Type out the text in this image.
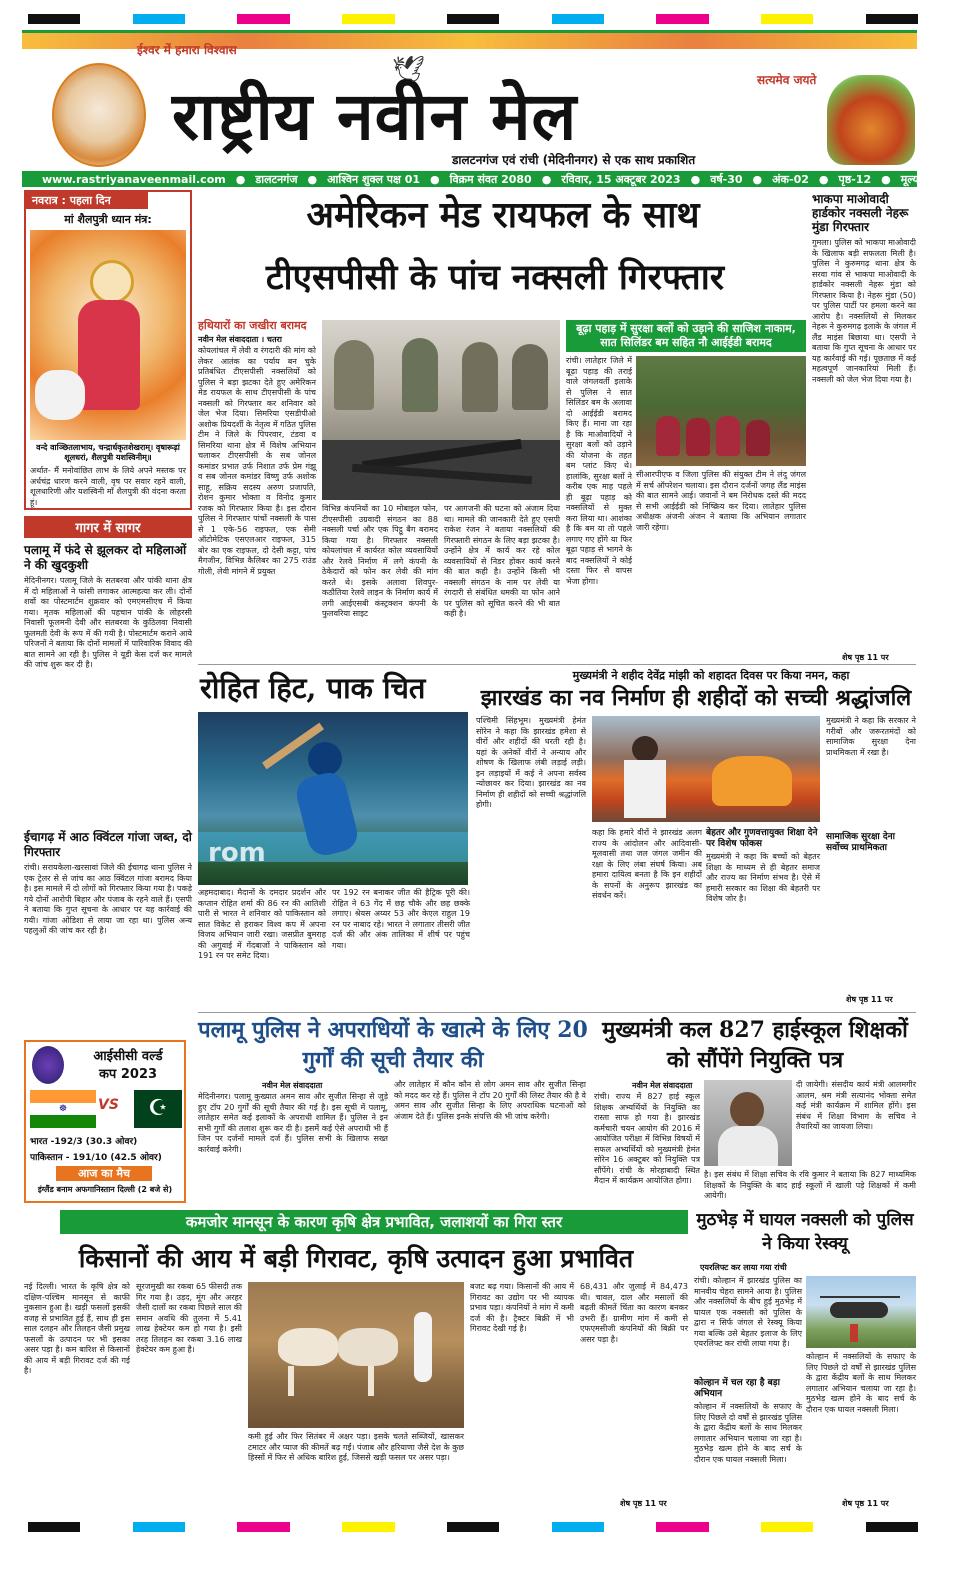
ईश्वर में हमारा विश्वास
राष्ट्रीय नवीन मेल	सत्यमेव जयते
डालटनगंज एवं रांची (मेदिनीनगर) से एक साथ प्रकाशित
🕊
www.rastriyanaveenmail.com ● डालटनगंज ● आश्विन शुक्ल पक्ष 01 ● विक्रम संवत 2080 ● रविवार, 15 अक्टूबर 2023 ● वर्ष-30 ● अंक-02 ● पृष्ठ-12 ● मूल्य ₹ 2.00
नवरात्र : पहला दिन
मां शैलपुत्री ध्यान मंत्र:
वन्दे वाञ्छितलाभाय, चन्द्रार्धकृतशेखराम्। वृषारूढ़ां शूलधरां, शैलपुत्री यशस्विनीम्॥
अर्थात- मैं मनोवांछित लाभ के लिये अपने मस्तक पर अर्धचंद्र धारण करने वाली, वृष पर सवार रहने वाली, शूलधारिणी और यशस्विनी माँ शैलपुत्री की वंदना करता हूं।
गागर में सागर
पलामू में फंदे से झूलकर दो महिलाओं ने की खुदकुशी
मेदिनीनगर। पलामू जिले के सतबरवा और पांकी थाना क्षेत्र में दो महिलाओं ने फांसी लगाकर आत्महत्या कर ली। दोनों शवों का पोस्टमार्टम शुक्रवार को एमएमसीएच में किया गया। मृतक महिलाओं की पहचान पांकी के लोहरसी निवासी फूलमनी देवी और सतबरवा के कुठिलवा निवासी फूलमती देवी के रूप में की गयी है। पोस्टमार्टम कराने आये परिजनों ने बताया कि दोनों मामलों में पारिवारिक विवाद की बात सामने आ रही है। पुलिस ने यूडी केस दर्ज कर मामले की जांच शुरू कर दी है।
ईचागढ़ में आठ क्विंटल गांजा जब्त, दो गिरफ्तार
रांची। सरायकेला-खरसावां जिले की ईचागढ़ थाना पुलिस ने एक ट्रेलर से से जांच का आठ क्विंटल गांजा बरामद किया है। इस मामले में दो लोगों को गिरफ्तार किया गया है। पकड़े गये दोनों आरोपी बिहार और पंजाब के रहने वाले हैं। एसपी ने बताया कि गुप्त सूचना के आधार पर यह कार्रवाई की गयी। गांजा ओडिशा से लाया जा रहा था। पुलिस अन्य पहलुओं की जांच कर रही है।
आईसीसी वर्ल्ड
कप 2023
☸	VS	☪
भारत -192/3 (30.3 ओवर)
पाकिस्तान - 191/10 (42.5 ओवर)
आज का मैच
इंग्लैंड बनाम अफगानिस्तान दिल्ली (2 बजे से)
अमेरिकन मेड रायफल के साथ
टीएसपीसी के पांच नक्सली गिरफ्तार
हथियारों का जखीरा बरामद
नवीन मेल संवाददाता । चतरा
कोयलांचल में लेवी व रंगदारी की मांग को लेकर आतंक का पर्याय बन चुके प्रतिबंधित टीएसपीसी नक्सलियों को पुलिस ने बड़ा झटका देते हुए अमेरिकन मेड रायफल के साथ टीएसपीसी के पांच नक्सली को गिरफ्तार कर शनिवार को जेल भेज दिया। सिमरिया एसडीपीओ अशोक प्रियदर्शी के नेतृत्व में गठित पुलिस टीम ने जिले के पिपरवार, टंडवा व सिमरिया थाना क्षेत्र में विशेष अभियान चलाकर टीएसपीसी के सब जोनल कमांडर प्रभात उर्फ निशात उर्फ प्रेम गंझू व सब जोनल कमांडर विष्णु उर्फ अशोक साहू, सक्रिय सदस्य अरुण प्रजापति, रोशन कुमार भोक्ता व विनोद कुमार रजक को गिरफ्तार किया है। इस दौरान पुलिस ने गिरफ्तार पांचों नक्सली के पास से 1 एके-56 राइफल, एक सेमी ऑटोमेटिक एसएलआर राइफल, 315 बोर का एक राइफल, दो देसी कट्टा, पांच मैगजीन, विभिन्न कैलिबर का 275 राउंड गोली, लेवी मांगने में प्रयुक्त
विभिन्न कंपनियों का 10 मोबाइल फोन, टीएसपीसी उग्रवादी संगठन का 88 नक्सली पर्चा और एक पिट्ठू बैग बरामद किया गया है। गिरफ्तार नक्सली कोयलांचल में कार्यरत कोल व्यवसायियों और रेलवे निर्माण में लगे कंपनी के ठेकेदारों को फोन कर लेवी की मांग करते थे। इसके अलावा शिवपुर-कठौतिया रेलवे लाइन के निर्माण कार्य में लगी आईएसबी कंस्ट्रक्शन कंपनी के फुलवरिया साइट
पर आगजनी की घटना को अंजाम दिया था। मामले की जानकारी देते हुए एसपी राकेश रंजन ने बताया नक्सलियों की गिरफ्तारी संगठन के लिए बड़ा झटका है। उन्होंने क्षेत्र में कार्य कर रहे कोल व्यवसायियों से निडर होकर कार्य करने की बात कही है। उन्होंने किसी भी नक्सली संगठन के नाम पर लेवी या रंगदारी से संबंधित धमकी या फोन आने पर पुलिस को सूचित करने की भी बात कही है।
बूढ़ा पहाड़ में सुरक्षा बलों को उड़ाने की साजिश नाकाम, सात सिलिंडर बम सहित नौ आईईडी बरामद
रांची। लातेहार जिले में बूढ़ा पहाड़ की तराई वाले जंगलवर्ती इलाके से पुलिस ने सात सिलिंडर बम के अलावा दो आईईडी बरामद किए हैं। माना जा रहा है कि माओवादियों ने सुरक्षा बलों को उड़ाने की योजना के तहत बम प्लांट किए थे। हालांकि, सुरक्षा बलों ने करीब एक माह पहले ही बूढ़ा पहाड़ को नक्सलियों से मुक्त करा लिया था। आशंका है कि बम या तो पहले लगाए गए होंगे या फिर बूढ़ा पहाड़ से भागने के बाद नक्सलियों ने कोई दस्ता फिर से वापस भेजा होगा।
सीआरपीएफ व जिला पुलिस की संयुक्त टीम ने लंदु जंगल में सर्च ऑपरेशन चलाया। इस दौरान दर्जनों जगह लैंड माइंस की बात सामने आई। जवानों ने बम निरोधक दस्ते की मदद से सभी आईईडी को निष्क्रिय कर दिया। लातेहार पुलिस अधीक्षक अंजनी अंजन ने बताया कि अभियान लगातार जारी रहेगा।
भाकपा माओवादी हार्डकोर नक्सली नेहरू मुंडा गिरफ्तार
गुमला। पुलिस को भाकपा माओवादी के खिलाफ बड़ी सफलता मिली है। पुलिस ने कुरुमगढ़ थाना क्षेत्र के सरवा गांव से भाकपा माओवादी के हार्डकोर नक्सली नेहरू मुंडा को गिरफ्तार किया है। नेहरू मुंडा (50) पर पुलिस पार्टी पर हमला करने का आरोप है। नक्सलियों से मिलकर नेहरू ने कुरुमगढ़ इलाके के जंगल में लैंड माइंस बिछाया था। एसपी ने बताया कि गुप्त सूचना के आधार पर यह कार्रवाई की गई। पूछताछ में कई महत्वपूर्ण जानकारियां मिली हैं। नक्सली को जेल भेज दिया गया है।
शेष पृष्ठ 11 पर
रोहित हिट, पाक चित
rom
अहमदाबाद। मैदानों के दमदार प्रदर्शन और कप्तान रोहित शर्मा की 86 रन की आतिशी पारी से भारत ने शनिवार को पाकिस्तान को सात विकेट से हराकर विश्व कप में अपना विजय अभियान जारी रखा। जसप्रीत बुमराह की अगुवाई में गेंदबाजों ने पाकिस्तान को 191 रन पर समेट दिया।
पर 192 रन बनाकर जीत की हैट्रिक पूरी की। रोहित ने 63 गेंद में छह चौके और छह छक्के लगाए। श्रेयस अय्यर 53 और केएल राहुल 19 रन पर नाबाद रहे। भारत ने लगातार तीसरी जीत दर्ज की और अंक तालिका में शीर्ष पर पहुंच गया।
मुख्यमंत्री ने शहीद देवेंद्र मांझी को शहादत दिवस पर किया नमन, कहा
झारखंड का नव निर्माण ही शहीदों को सच्ची श्रद्धांजलि
पश्चिमी सिंहभूम। मुख्यमंत्री हेमंत सोरेन ने कहा कि झारखंड हमेशा से वीरों और शहीदों की धरती रही है। यहां के अनेकों वीरों ने अन्याय और शोषण के खिलाफ लंबी लड़ाई लड़ी। इन लड़ाइयों में कई ने अपना सर्वस्व न्योछावर कर दिया। झारखंड का नव निर्माण ही शहीदों को सच्ची श्रद्धांजलि होगी।
कहा कि हमारे वीरों ने झारखंड अलग राज्य के आंदोलन और आदिवासी-मूलवासी तथा जल जंगल जमीन की रक्षा के लिए लंबा संघर्ष किया। अब हमारा दायित्व बनता है कि इन शहीदों के सपनों के अनुरूप झारखंड का संवर्धन करें।
बेहतर और गुणवत्तायुक्त शिक्षा देने पर विशेष फोकस
मुख्यमंत्री ने कहा कि बच्चों को बेहतर शिक्षा के माध्यम से ही बेहतर समाज और राज्य का निर्माण संभव है। ऐसे में हमारी सरकार का शिक्षा की बेहतरी पर विशेष जोर है।
मुख्यमंत्री ने कहा कि सरकार ने गरीबों और जरूरतमंदों को सामाजिक सुरक्षा देना प्राथमिकता में रखा है।
सामाजिक सुरक्षा देना सर्वोच्च प्राथमिकता
शेष पृष्ठ 11 पर
पलामू पुलिस ने अपराधियों के खात्मे के लिए 20 गुर्गों की सूची तैयार की
नवीन मेल संवाददाता
मेदिनीनगर। पलामू कुख्यात अमन साव और सुजीत सिन्हा से जुड़े हुए टॉप 20 गुर्गों की सूची तैयार की गई है। इस सूची में पलामू, लातेहार समेत कई इलाकों के अपराधी शामिल हैं। पुलिस ने इन सभी गुर्गों की तलाश शुरू कर दी है। इसमें कई ऐसे अपराधी भी हैं जिन पर दर्जनों मामले दर्ज हैं। पुलिस सभी के खिलाफ सख्त कार्रवाई करेगी।
और लातेहार में कौन कौन से लोग अमन साव और सुजीत सिन्हा को मदद कर रहे हैं। पुलिस ने टॉप 20 गुर्गों की लिस्ट तैयार की है वे अमन साव और सुजीत सिन्हा के लिए अपराधिक घटनाओं को अंजाम देते हैं। पुलिस इनके संपत्ति की भी जांच करेगी।
मुख्यमंत्री कल 827 हाईस्कूल शिक्षकों को सौंपेंगे नियुक्ति पत्र
नवीन मेल संवाददाता
रांची। राज्य में 827 हाई स्कूल शिक्षक अभ्यर्थियों के नियुक्ति का रास्ता साफ हो गया है। झारखंड कर्मचारी चयन आयोग की 2016 में आयोजित परीक्षा में विभिन्न विषयों में सफल अभ्यर्थियों को मुख्यमंत्री हेमंत सोरेन 16 अक्टूबर को नियुक्ति पत्र सौंपेंगे। रांची के मोरहाबादी स्थित मैदान में कार्यक्रम आयोजित होगा।
दी जायेगी। संसदीय कार्य मंत्री आलमगीर आलम, श्रम मंत्री सत्यानंद भोक्ता समेत कई मंत्री कार्यक्रम में शामिल होंगे। इस संबंध में शिक्षा विभाग के सचिव ने तैयारियों का जायजा लिया।
है। इस संबंध में शिक्षा सचिव के रवि कुमार ने बताया कि 827 माध्यमिक शिक्षकों के नियुक्ति के बाद हाई स्कूलों में खाली पड़े शिक्षकों में कमी आयेगी।
कमजोर मानसून के कारण कृषि क्षेत्र प्रभावित, जलाशयों का गिरा स्तर
किसानों की आय में बड़ी गिरावट, कृषि उत्पादन हुआ प्रभावित
नई दिल्ली। भारत के कृषि क्षेत्र को दक्षिण-पश्चिम मानसून से काफी नुकसान हुआ है। खड़ी फसलों इसकी वजह से प्रभावित हुई हैं, साथ ही इस साल दलहन और तिलहन जैसी प्रमुख फसलों के उत्पादन पर भी इसका असर पड़ा है। कम बारिश से किसानों की आय में बड़ी गिरावट दर्ज की गई है।
सूरजमुखी का रकबा 65 फीसदी तक गिर गया है। उड़द, मूंग और अरहर जैसी दालों का रकबा पिछले साल की समान अवधि की तुलना में 5.41 लाख हेक्टेयर कम हो गया है। इसी तरह तिलहन का रकबा 3.16 लाख हेक्टेयर कम हुआ है।
कमी हुई और फिर सितंबर में अक्षर पड़ा। इसके चलते सब्जियों, खासकर टमाटर और प्याज की कीमतें बढ़ गईं। पंजाब और हरियाणा जैसे देश के कुछ हिस्सों में फिर से अधिक बारिश हुई, जिससे खड़ी फसल पर असर पड़ा।
बजट बढ़ गया। किसानों की आय में गिरावट का उद्योग पर भी व्यापक प्रभाव पड़ा। कंपनियों ने मांग में कमी दर्ज की है। ट्रैक्टर बिक्री में भी गिरावट देखी गई है।
68,431 और जुलाई में 84,473 थी। चावल, दाल और मसालों की बढ़ती कीमतें चिंता का कारण बनकर उभरी हैं। ग्रामीण मांग में कमी से एफएमसीजी कंपनियों की बिक्री पर असर पड़ा है।
शेष पृष्ठ 11 पर
मुठभेड़ में घायल नक्सली को पुलिस ने किया रेस्क्यू
एयरलिफ्ट कर लाया गया रांची
रांची। कोल्हान में झारखंड पुलिस का मानवीय चेहरा सामने आया है। पुलिस और नक्सलियों के बीच हुई मुठभेड़ में घायल एक नक्सली को पुलिस के द्वारा न सिर्फ जंगल से रेस्क्यू किया गया बल्कि उसे बेहतर इलाज के लिए एयरलिफ्ट कर रांची लाया गया है।
कोल्हान में नक्सलियों के सफाए के लिए पिछले दो वर्षों से झारखंड पुलिस के द्वारा केंद्रीय बलों के साथ मिलकर लगातार अभियान चलाया जा रहा है। मुठभेड़ खत्म होने के बाद सर्च के दौरान एक घायल नक्सली मिला।
कोल्हान में चल रहा है बड़ा अभियान
कोल्हान में नक्सलियों के सफाए के लिए पिछले दो वर्षों से झारखंड पुलिस के द्वारा केंद्रीय बलों के साथ मिलकर लगातार अभियान चलाया जा रहा है। मुठभेड़ खत्म होने के बाद सर्च के दौरान एक घायल नक्सली मिला।
शेष पृष्ठ 11 पर
